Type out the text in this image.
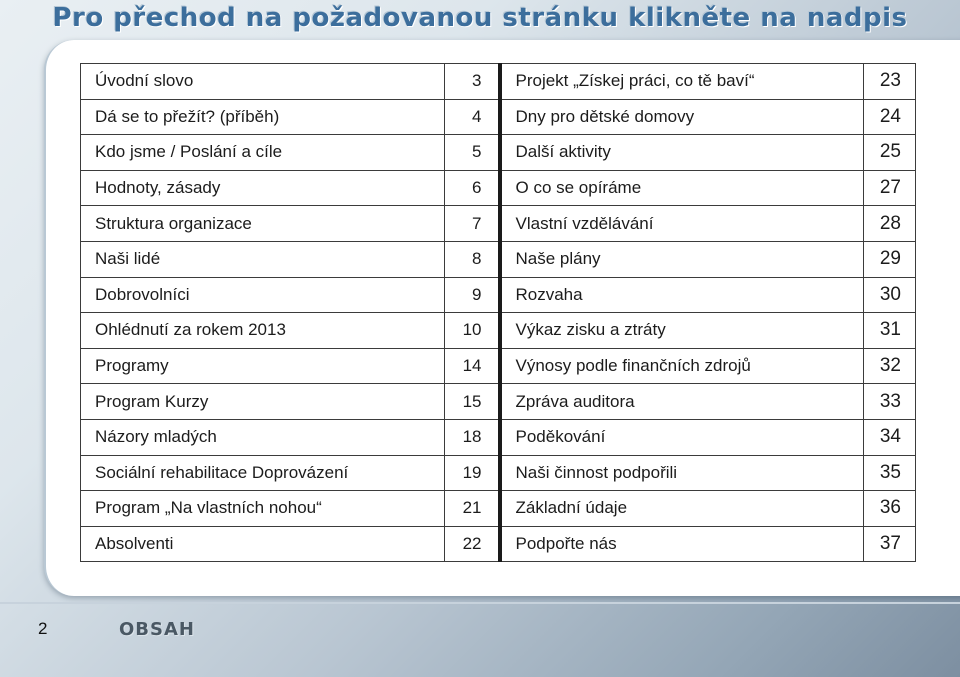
Pro přechod na požadovanou stránku klikněte na nadpis
Úvodní slovo	3	Projekt „Získej práci, co tě baví“	23
Dá se to přežít? (příběh)	4	Dny pro dětské domovy	24
Kdo jsme / Poslání a cíle	5	Další aktivity	25
Hodnoty, zásady	6	O co se opíráme	27
Struktura organizace	7	Vlastní vzdělávání	28
Naši lidé	8	Naše plány	29
Dobrovolníci	9	Rozvaha	30
Ohlédnutí za rokem 2013	10	Výkaz zisku a ztráty	31
Programy	14	Výnosy podle finančních zdrojů	32
Program Kurzy	15	Zpráva auditora	33
Názory mladých	18	Poděkování	34
Sociální rehabilitace Doprovázení	19	Naši činnost podpořili	35
Program „Na vlastních nohou“	21	Základní údaje	36
Absolventi	22	Podpořte nás	37
2	OBSAH
